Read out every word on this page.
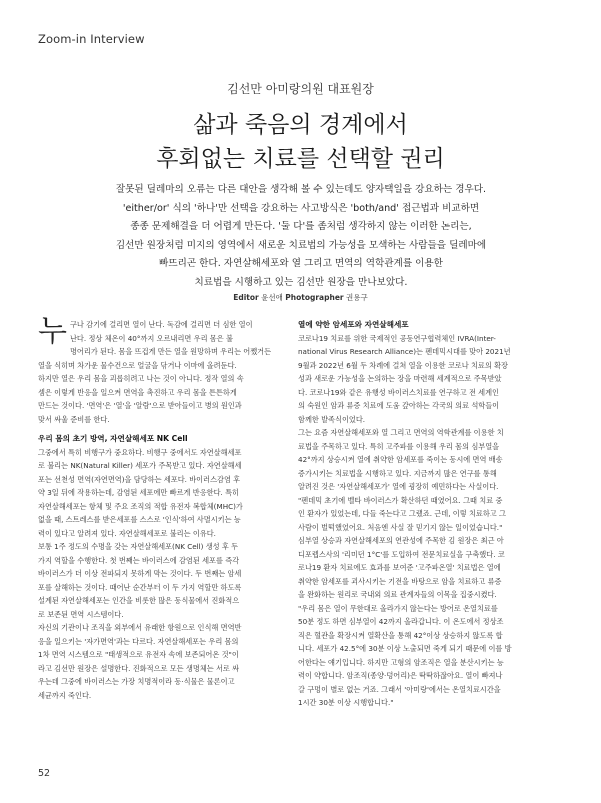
Zoom-in Interview
김선만 아미랑의원 대표원장
삶과 죽음의 경계에서
후회없는 치료를 선택할 권리
잘못된 딜레마의 오류는 다른 대안을 생각해 볼 수 있는데도 양자택일을 강요하는 경우다.
'either/or' 식의 '하나'만 선택을 강요하는 사고방식은 'both/and' 접근법과 비교하면
종종 문제해결을 더 어렵게 만든다. '둘 다'를 좀처럼 생각하지 않는 이러한 논리는,
김선만 원장처럼 미지의 영역에서 새로운 치료법의 가능성을 모색하는 사람들을 딜레마에
빠뜨리곤 한다. 자연살해세포와 열 그리고 면역의 역학관계를 이용한
치료법을 시행하고 있는 김선만 원장을 만나보았다.
Editor 윤선애 Photographer 권용구
누 구나 감기에 걸리면 열이 난다. 독감에 걸리면 더 심한 열이
난다. 정상 체온이 40°까지 오르내리면 우리 몸은 불
명어리가 된다. 몸을 뜨겁게 만든 열을 원망하며 우리는 어쨌거든
열을 식히며 차가운 물수건으로 얼굴을 닦거나 이마에 올려둔다.
하지만 열은 우리 몸을 괴롭히려고 나는 것이 아니다. 정작 열의 속
셈은 이렇게 반응을 일으켜 면역을 촉진하고 우리 몸을 튼튼하게
만드는 것이다. '면역'은 '열'을 '알람'으로 받아들이고 병의 원인과
맞서 싸울 준비를 한다.
우리 몸의 초기 방역, 자연살해세포 NK Cell
그중에서 특히 비행구가 중요하다. 비행구 중에서도 자연살해세포
로 불리는 NK(Natural Killer) 세포가 주목받고 있다. 자연살해세
포는 선천성 면역(자연면역)을 담당하는 세포다. 바이러스감염 후
약 3일 뒤에 작용하는데, 감염된 세포에만 빠르게 반응한다. 특히
자연살해세포는 항체 및 주요 조직의 적합 유전자 복합체(MHC)가
없을 때, 스트레스를 받은세포를 스스로 '인식'하여 사멸시키는 능
력이 있다고 알려져 있다. 자연살해세포로 불리는 이유다.
보통 1주 정도의 수명을 갖는 자연살해세포(NK Cell) 생성 후 두
가지 역할을 수행한다. 첫 번째는 바이러스에 감염된 세포를 즉각
바이러스가 더 이상 전파되지 못하게 막는 것이다. 두 번째는 암세
포를 살해하는 것이다. 때어난 순간부터 이 두 가지 역할만 하도록
설계된 자연살해세포는 인간을 비롯한 많은 동식물에서 진화적으
로 보존된 면역 시스템이다.
자신의 기관이나 조직을 외부에서 유래한 항원으로 인식해 면역반
응을 일으키는 '자가면역'과는 다르다. 자연살해세포는 우리 몸의
1차 면역 시스템으로 "태생적으로 유전자 속에 보존되어온 것"이
라고 김선만 원장은 설명한다. 진화적으로 모든 생명체는 서로 싸
우는데 그중에 바이러스는 가장 치명적이라 동·식물은 물론이고
세균까지 죽인다.
열에 약한 암세포와 자연살해세포
코로나19 치료를 위한 국제적인 공동연구협력체인 IVRA(Inter-
national Virus Research Alliance)는 펜데믹시대를 맞아 2021년
9월과 2022년 6월 두 차례에 걸쳐 열을 이용한 코로나 치료의 확장
성과 새로운 가능성을 논의하는 장을 마련해 세계적으로 주목받았
다. 코로나19와 같은 유행성 바이러스치료를 연구하고 전 세계인
의 숙원인 암과 류증 치료에 도움 갚아하는 각국의 의료 석학들이
함께한 발족식이었다.
그는 요즘 자연살해세포와 열 그리고 면역의 역학관계를 이용한 치
료법을 주목하고 있다. 특히 고주파를 이용해 우리 몸의 심부열을
42°까지 상승시켜 열에 취약한 암세포를 죽이는 동시에 면역 배송
증가시키는 치료법을 시행하고 있다. 지금까지 많은 연구를 통해
알려진 것은 '자연살해세포가' 열에 굉장히 예민하다는 사실이다.
"펜데믹 초기에 벨타 바이러스가 확산하던 때였어요. 그때 치료 중
인 환자가 있었는데, 다들 죽는다고 그랬죠. 근데, 이렇 치료하고 그
사람이 벌떡했었어요. 처음엔 사실 잘 믿기지 않는 일이었습니다."
심부열 상승과 자연살해세포의 연관성에 주목한 김 원장은 최근 아
디포렙스사의 '리미던 1°C'를 도입하여 전문치료실을 구축했다. 코
로나19 환자 치료에도 효과를 보여준 '고주파온열' 치료법은 열에
취약한 암세포를 괴사시키는 기전을 바탕으로 암을 치료하고 류증
을 완화하는 원리로 국내외 의료 관계자들의 이목을 집중시켰다.
"우리 몸은 열이 무한대로 올라가지 않는다는 방어로 온열치료를
50분 정도 하면 심부열이 42까지 올라갑니다. 이 온도에서 정상조
직은 혈관을 확장시켜 열확산을 통해 42°이상 상승하지 않도록 합
니다. 세포가 42.5°에 30분 이상 노출되면 죽게 되기 때문에 이를 방
어한다는 얘기입니다. 하지만 고형의 암조직은 열을 분산시키는 능
력이 약합니다. 암조직(종양·덩어리)은 딱딱하잖아요. 열이 빠져나
갈 구멍이 별로 없는 거죠. 그래서 '아미랑'에서는 온열치료시간을
1시간 30분 이상 시행합니다."
52
